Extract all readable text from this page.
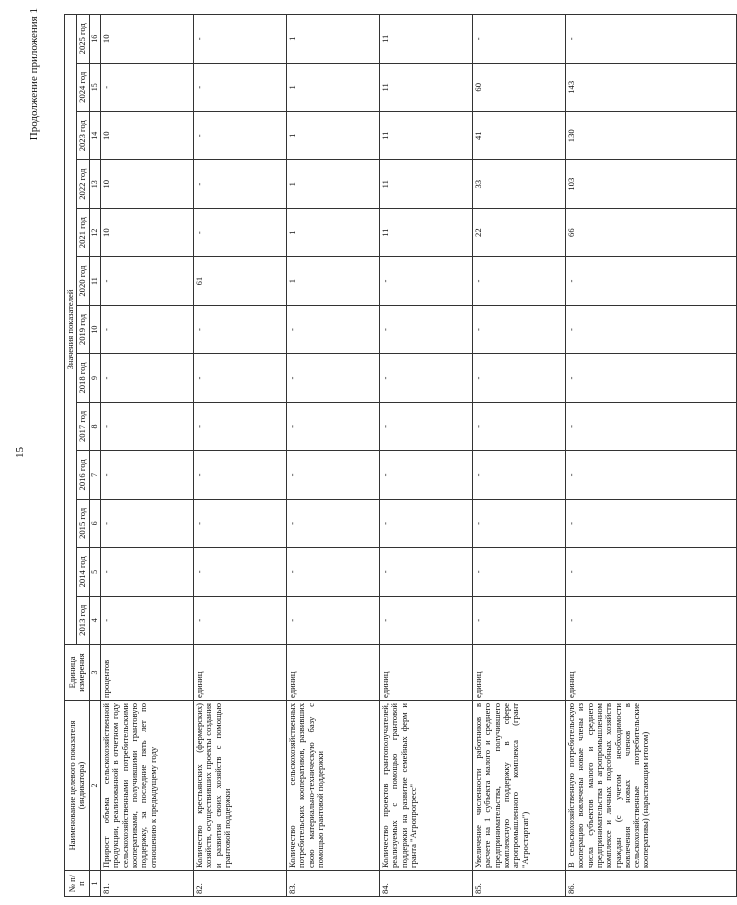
15
Продолжение приложения 1
№ п/п	Наименование целевого показателя (индикатора)	Единица измерения	Значения показателей												
			2013 год	2014 год	2015 год	2016 год	2017 год	2018 год	2019 год	2020 год	2021 год	2022 год	2023 год	2024 год	2025 год
1	2	3	4	5	6	7	8	9	10	11	12	13	14	15	16
81.	Прирост объема сельскохозяйственной продукции, реализованной в отчетном году сельскохозяйственными потребительскими кооперативами, получившими грантовую поддержку, за последние пять лет по отношению к предыдущему году	процентов	-	-	-	-	-	-	-	-	10	10	10	-	10
82.	Количество крестьянских (фермерских) хозяйств, осуществивших проекты создания и развития своих хозяйств с помощью грантовой поддержки	единиц	-	-	-	-	-	-	-	61	-	-	-	-	-
83.	Количество сельскохозяйственных потребительских кооперативов, развивших свою материально-техническую базу с помощью грантовой поддержки	единиц	-	-	-	-	-	-	-	1	1	1	1	1	1
84.	Количество проектов грантополучателей, реализуемых с помощью грантовой поддержки на развитие семейных ферм и гранта "Агропрогресс"	единиц	-	-	-	-	-	-	-	-	11	11	11	11	11
85.	Увеличение численности работников в расчете на 1 субъекта малого и среднего предпринимательства, получившего комплексную поддержку в сфере агропромышленного комплекса (грант "Агростартап")	единиц	-	-	-	-	-	-	-	-	22	33	41	60	-
86.	В сельскохозяйственную потребительскую кооперацию вовлечены новые члены из числа субъектов малого и среднего предпринимательства в агропромышленном комплексе и личных подсобных хозяйств граждан (с учетом необходимости вовлечения новых членов в сельскохозяйственные потребительские кооперативы) (нарастающим итогом)	единиц	-	-	-	-	-	-	-	-	66	103	130	143	-
